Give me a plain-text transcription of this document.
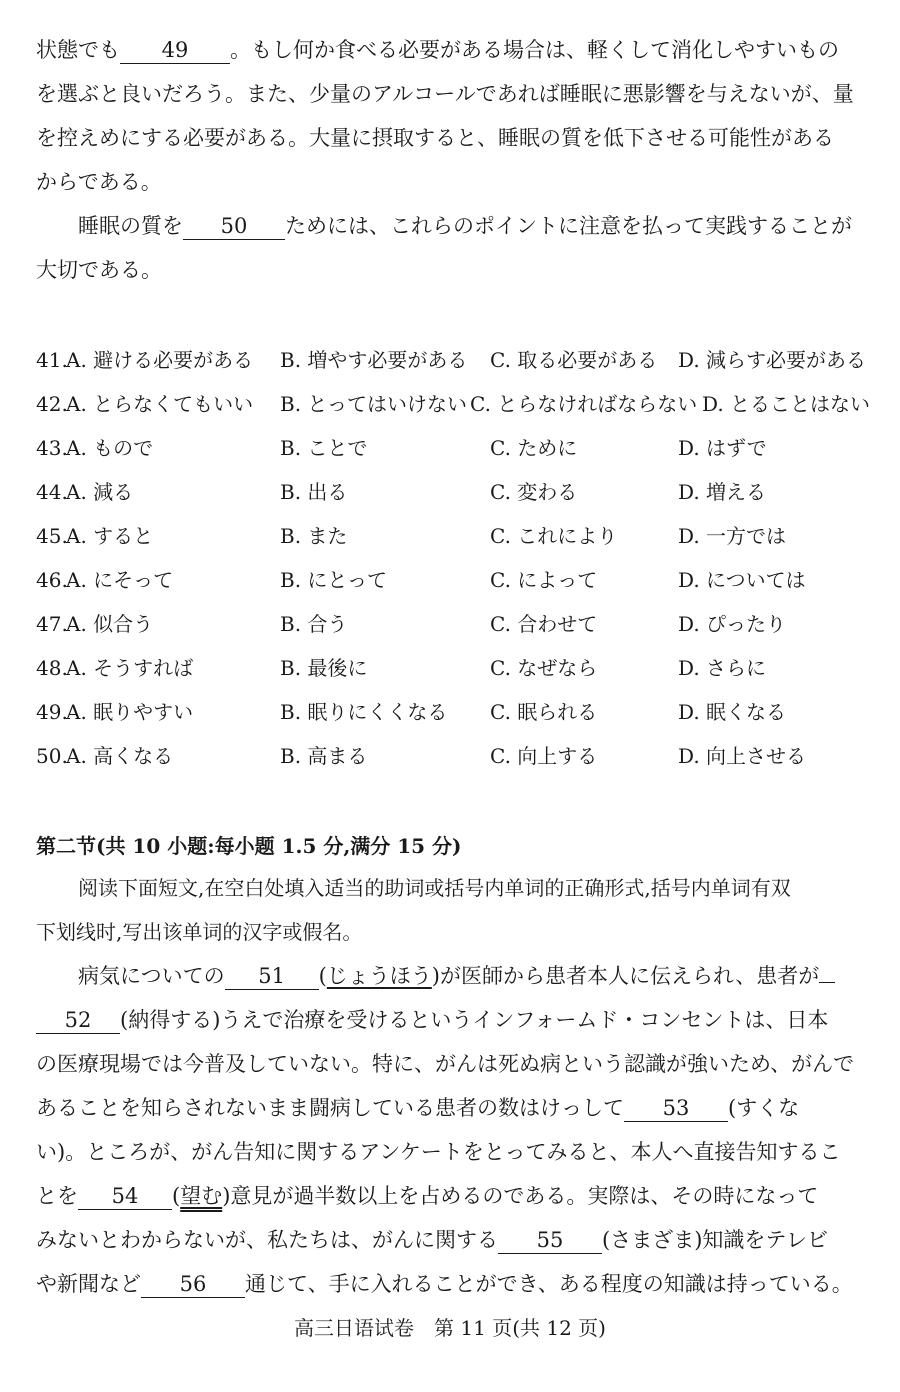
状態でも 49 。もし何か食べる必要がある場合は、軽くして消化しやすいもの
を選ぶと良いだろう。また、少量のアルコールであれば睡眠に悪影響を与えないが、量
を控えめにする必要がある。大量に摂取すると、睡眠の質を低下させる可能性がある
からである。
睡眠の質を 50 ためには、これらのポイントに注意を払って実践することが
大切である。
41.
A. 避ける必要がある B. 増やす必要がある C. 取る必要がある D. 減らす必要がある
42.
A. とらなくてもいい B. とってはいけない C. とらなければならない D. とることはない
43.
A. もので	B. ことで	C. ために	D. はずで
44.
A. 減る	B. 出る	C. 変わる	D. 増える
45.
A. すると	B. また	C. これにより	D. 一方では
46.
A. にそって	B. にとって	C. によって	D. については
47.
A. 似合う	B. 合う	C. 合わせて	D. ぴったり
48.
A. そうすれば	B. 最後に	C. なぜなら	D. さらに
49.
A. 眠りやすい	B. 眠りにくくなる C. 眠られる	D. 眠くなる
50.
A. 高くなる	B. 高まる	C. 向上する	D. 向上させる
第二节(共 10 小题:每小题 1.5 分,满分 15 分)
阅读下面短文,在空白处填入适当的助词或括号内单词的正确形式,括号内单词有双
下划线时,写出该单词的汉字或假名。
病気についての 51 (じょうほう)が医師から患者本人に伝えられ、患者が
52 (納得する)うえで治療を受けるというインフォームド・コンセントは、日本
の医療現場では今普及していない。特に、がんは死ぬ病という認識が強いため、がんで
あることを知らされないまま闘病している患者の数はけっして 53 (すくな
い)。ところが、がん告知に関するアンケートをとってみると、本人へ直接告知するこ
とを 54 (望む)意見が過半数以上を占めるのである。実際は、その時になって
みないとわからないが、私たちは、がんに関する 55 (さまざま)知識をテレビ
や新聞など 56 通じて、手に入れることができ、ある程度の知識は持っている。
高三日语试卷　第 11 页(共 12 页)
